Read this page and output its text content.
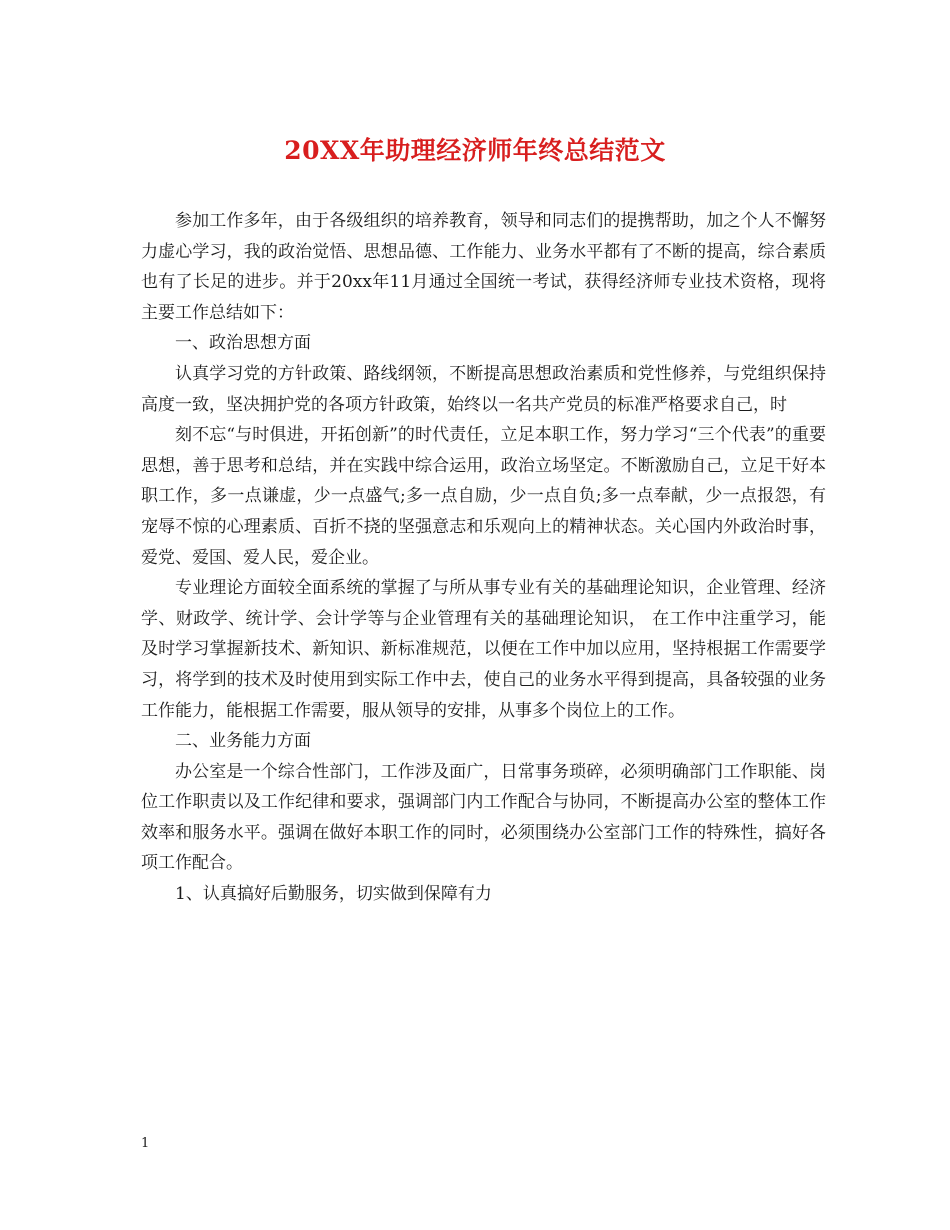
20XX年助理经济师年终总结范文

参加工作多年，由于各级组织的培养教育，领导和同志们的提携帮助，加之个人不懈努力虚心学习，我的政治觉悟、思想品德、工作能力、业务水平都有了不断的提高，综合素质也有了长足的进步。并于20xx年11月通过全国统一考试，获得经济师专业技术资格，现将主要工作总结如下：

一、政治思想方面

认真学习党的方针政策、路线纲领，不断提高思想政治素质和党性修养，与党组织保持高度一致，坚决拥护党的各项方针政策，始终以一名共产党员的标准严格要求自己，时

刻不忘“与时俱进，开拓创新”的时代责任，立足本职工作，努力学习“三个代表”的重要思想，善于思考和总结，并在实践中综合运用，政治立场坚定。不断激励自己，立足干好本职工作，多一点谦虚，少一点盛气;多一点自励，少一点自负;多一点奉献，少一点报怨，有宠辱不惊的心理素质、百折不挠的坚强意志和乐观向上的精神状态。关心国内外政治时事，爱党、爱国、爱人民，爱企业。

专业理论方面较全面系统的掌握了与所从事专业有关的基础理论知识，企业管理、经济学、财政学、统计学、会计学等与企业管理有关的基础理论知识， 在工作中注重学习，能及时学习掌握新技术、新知识、新标准规范，以便在工作中加以应用，坚持根据工作需要学习，将学到的技术及时使用到实际工作中去，使自己的业务水平得到提高，具备较强的业务工作能力，能根据工作需要，服从领导的安排，从事多个岗位上的工作。

二、业务能力方面

办公室是一个综合性部门，工作涉及面广，日常事务琐碎，必须明确部门工作职能、岗位工作职责以及工作纪律和要求，强调部门内工作配合与协同，不断提高办公室的整体工作效率和服务水平。强调在做好本职工作的同时，必须围绕办公室部门工作的特殊性，搞好各项工作配合。

1、认真搞好后勤服务，切实做到保障有力

1
